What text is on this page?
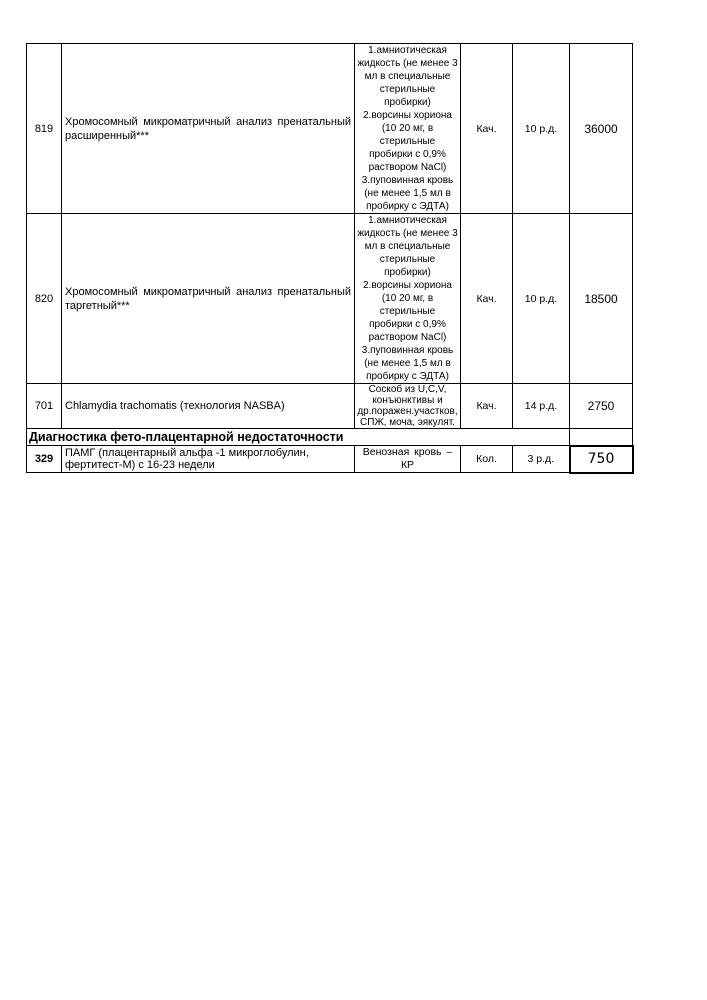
819	Хромосомный микроматричный анализ пренатальный расширенный***	1.амниотическая жидкость (не менее 3 мл в специальные стерильные пробирки)
2.ворсины хориона (10 20 мг, в стерильные пробирки с 0,9% раствором NaCl)
3.пуповинная кровь (не менее 1,5 мл в пробирку с ЭДТА)	Кач.	10 р.д.	36000
820	Хромосомный микроматричный анализ пренатальный таргетный***	1.амниотическая жидкость (не менее 3 мл в специальные стерильные пробирки)
2.ворсины хориона (10 20 мг, в стерильные пробирки с 0,9% раствором NaCl)
3.пуповинная кровь (не менее 1,5 мл в пробирку с ЭДТА)	Кач.	10 р.д.	18500
701	Chlamydia trachomatis (технология NASBA)	Соскоб из U,C,V, конъюнктивы и др.поражен.участков, СПЖ, моча, эякулят.	Кач.	14 р.д.	2750
Диагностика фето-плацентарной недостаточности					
329	ПАМГ (плацентарный альфа -1 микроглобулин, фертитест-М) с 16-23 недели	Венозная кровь – КР	Кол.	3 р.д.	750
